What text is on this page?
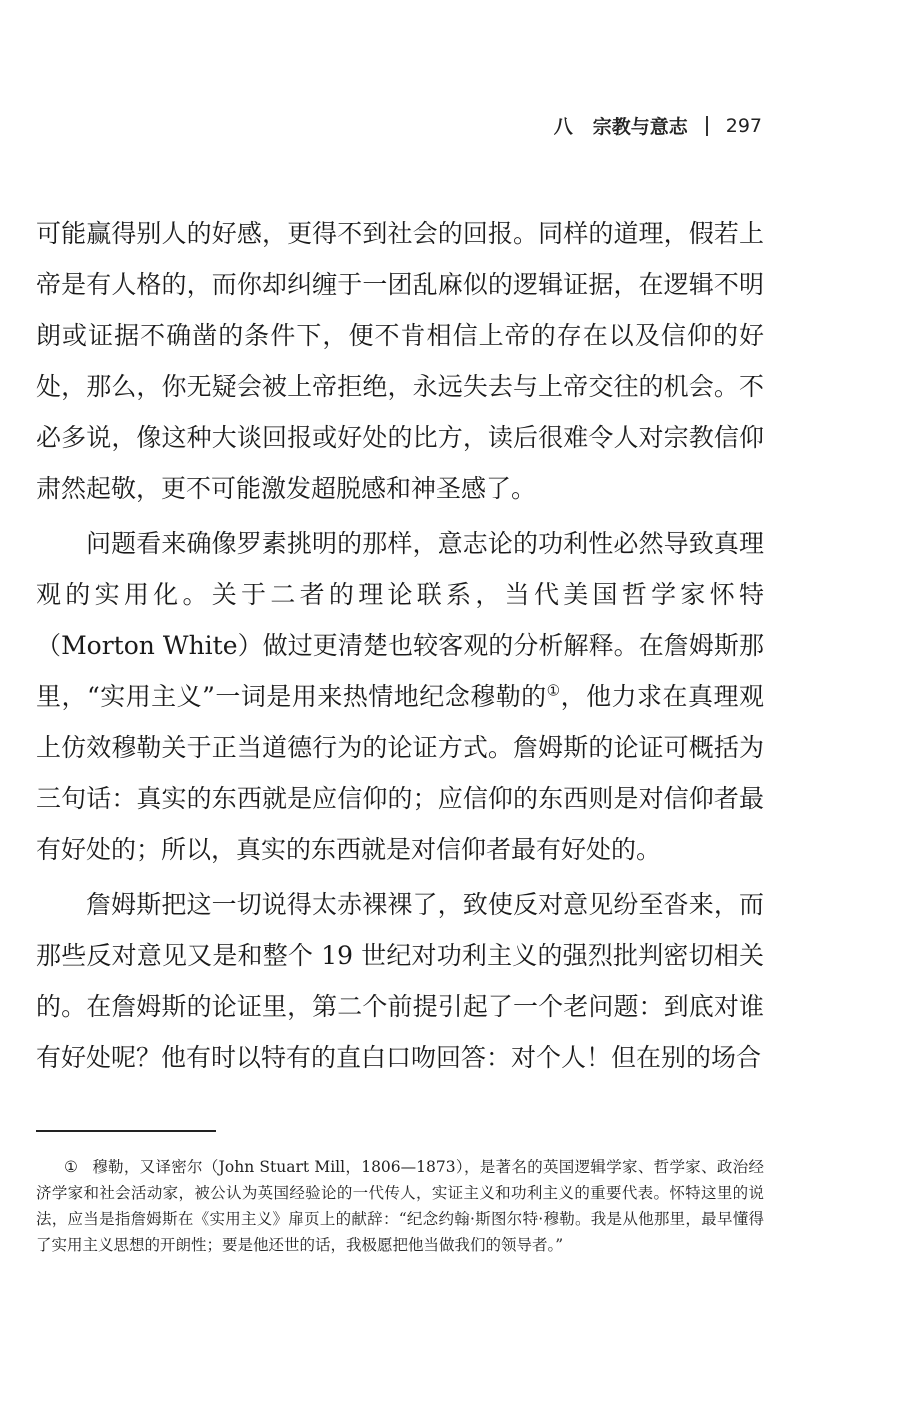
八 宗教与意志 297

可能赢得别人的好感，更得不到社会的回报。同样的道理，假若上帝是有人格的，而你却纠缠于一团乱麻似的逻辑证据，在逻辑不明朗或证据不确凿的条件下，便不肯相信上帝的存在以及信仰的好处，那么，你无疑会被上帝拒绝，永远失去与上帝交往的机会。不必多说，像这种大谈回报或好处的比方，读后很难令人对宗教信仰肃然起敬，更不可能激发超脱感和神圣感了。

问题看来确像罗素挑明的那样，意志论的功利性必然导致真理观的实用化。关于二者的理论联系，当代美国哲学家怀特（Morton White）做过更清楚也较客观的分析解释。在詹姆斯那里，“实用主义”一词是用来热情地纪念穆勒的①，他力求在真理观上仿效穆勒关于正当道德行为的论证方式。詹姆斯的论证可概括为三句话：真实的东西就是应信仰的；应信仰的东西则是对信仰者最有好处的；所以，真实的东西就是对信仰者最有好处的。

詹姆斯把这一切说得太赤裸裸了，致使反对意见纷至沓来，而那些反对意见又是和整个 19 世纪对功利主义的强烈批判密切相关的。在詹姆斯的论证里，第二个前提引起了一个老问题：到底对谁有好处呢？他有时以特有的直白口吻回答：对个人！但在别的场合

① 穆勒，又译密尔（John Stuart Mill，1806—1873），是著名的英国逻辑学家、哲学家、政治经济学家和社会活动家，被公认为英国经验论的一代传人，实证主义和功利主义的重要代表。怀特这里的说法，应当是指詹姆斯在《实用主义》扉页上的献辞：“纪念约翰·斯图尔特·穆勒。我是从他那里，最早懂得了实用主义思想的开朗性；要是他还世的话，我极愿把他当做我们的领导者。”
